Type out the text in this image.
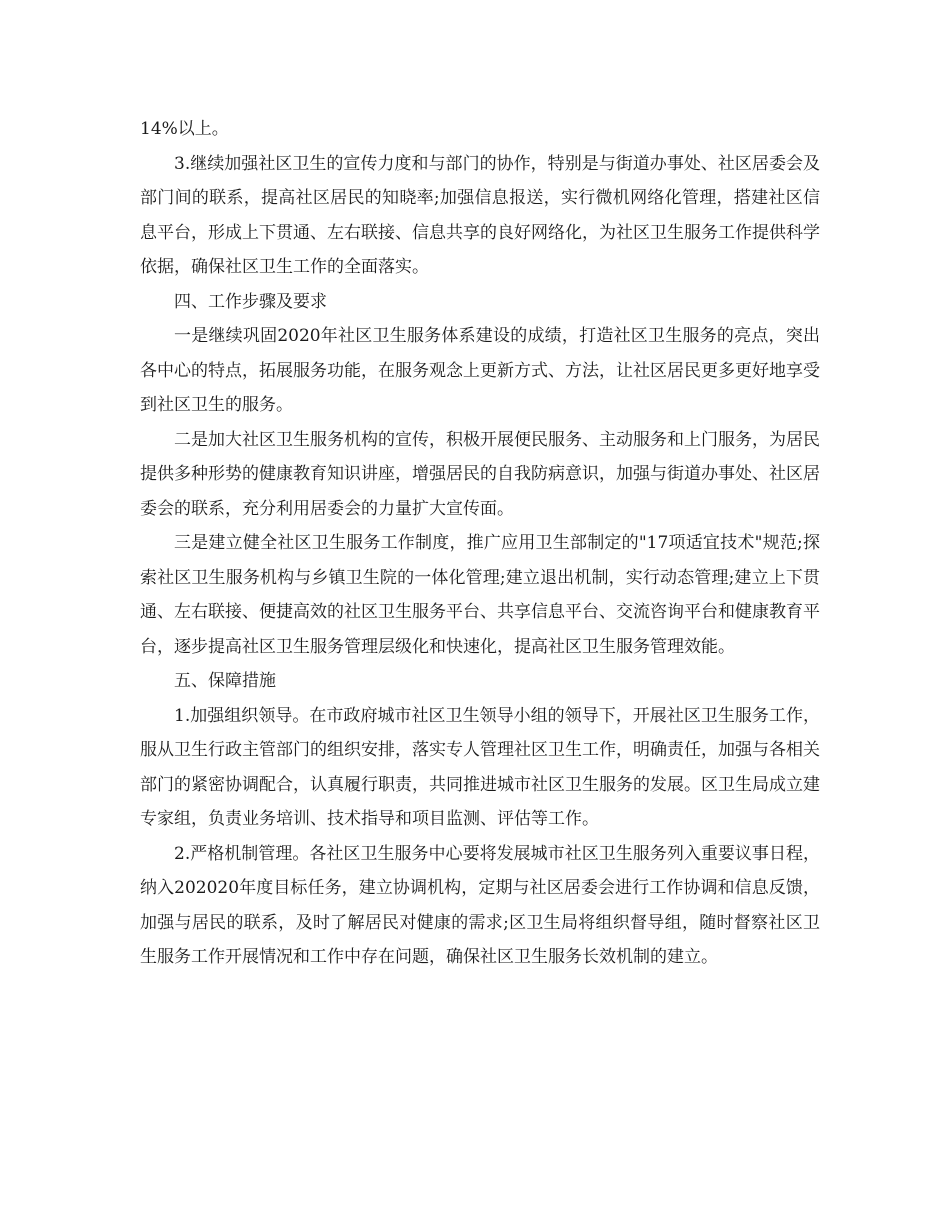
14%以上。

3.继续加强社区卫生的宣传力度和与部门的协作，特别是与街道办事处、社区居委会及部门间的联系，提高社区居民的知晓率;加强信息报送，实行微机网络化管理，搭建社区信息平台，形成上下贯通、左右联接、信息共享的良好网络化，为社区卫生服务工作提供科学依据，确保社区卫生工作的全面落实。

四、工作步骤及要求

一是继续巩固2020年社区卫生服务体系建设的成绩，打造社区卫生服务的亮点，突出各中心的特点，拓展服务功能，在服务观念上更新方式、方法，让社区居民更多更好地享受到社区卫生的服务。

二是加大社区卫生服务机构的宣传，积极开展便民服务、主动服务和上门服务，为居民提供多种形势的健康教育知识讲座，增强居民的自我防病意识，加强与街道办事处、社区居委会的联系，充分利用居委会的力量扩大宣传面。

三是建立健全社区卫生服务工作制度，推广应用卫生部制定的"17项适宜技术"规范;探索社区卫生服务机构与乡镇卫生院的一体化管理;建立退出机制，实行动态管理;建立上下贯通、左右联接、便捷高效的社区卫生服务平台、共享信息平台、交流咨询平台和健康教育平台，逐步提高社区卫生服务管理层级化和快速化，提高社区卫生服务管理效能。

五、保障措施

1.加强组织领导。在市政府城市社区卫生领导小组的领导下，开展社区卫生服务工作，服从卫生行政主管部门的组织安排，落实专人管理社区卫生工作，明确责任，加强与各相关部门的紧密协调配合，认真履行职责，共同推进城市社区卫生服务的发展。区卫生局成立建专家组，负责业务培训、技术指导和项目监测、评估等工作。

2.严格机制管理。各社区卫生服务中心要将发展城市社区卫生服务列入重要议事日程，纳入202020年度目标任务，建立协调机构，定期与社区居委会进行工作协调和信息反馈，加强与居民的联系，及时了解居民对健康的需求;区卫生局将组织督导组，随时督察社区卫生服务工作开展情况和工作中存在问题，确保社区卫生服务长效机制的建立。
